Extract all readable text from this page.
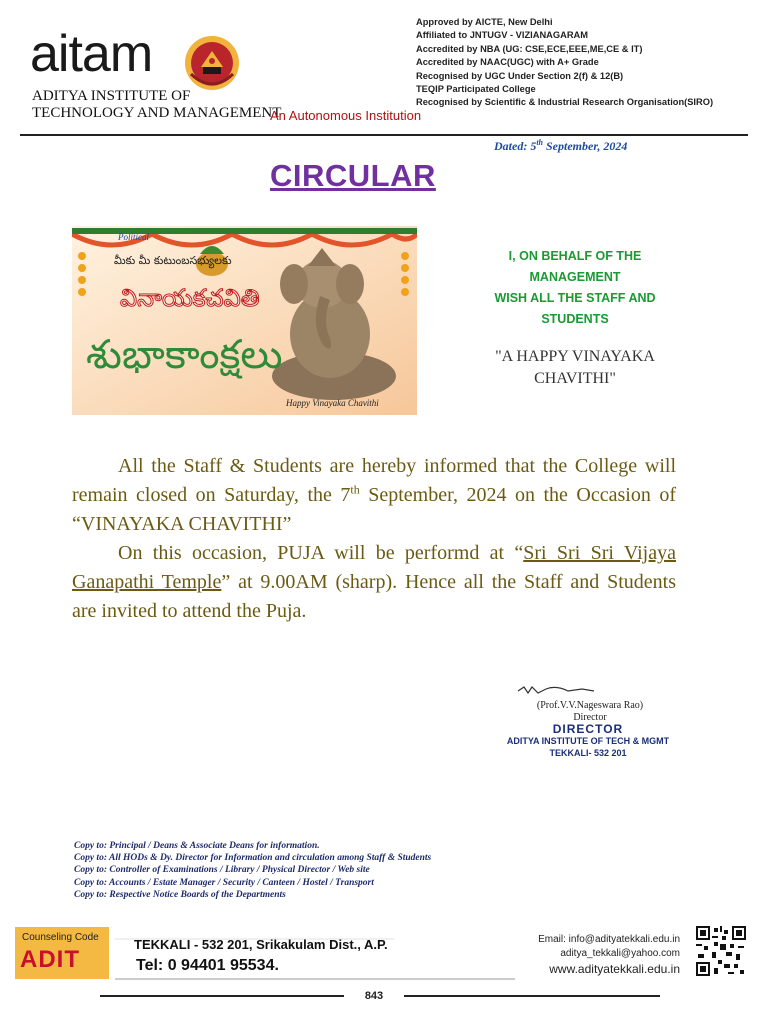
aitam
ADITYA INSTITUTE OF
TECHNOLOGY AND MANAGEMENT
An Autonomous Institution
Approved by AICTE, New Delhi
Affiliated to JNTUGV - VIZIANAGARAM
Accredited by NBA (UG: CSE,ECE,EEE,ME,CE & IT)
Accredited by NAAC(UGC) with A+ Grade
Recognised by UGC Under Section 2(f) & 12(B)
TEQIP Participated College
Recognised by Scientific & Industrial Research Organisation(SIRO)
Dated: 5th September, 2024
CIRCULAR
మీకు మీ కుటుంబసభ్యులకు
వినాయకచవితి
శుభాకాంక్షలు
Political
Happy Vinayaka Chavithi
I, ON BEHALF OF THE
MANAGEMENT
WISH ALL THE STAFF AND
STUDENTS
"A HAPPY VINAYAKA
CHAVITHI"

All the Staff & Students are hereby informed that the College will remain closed on Saturday, the 7th September, 2024 on the Occasion of “VINAYAKA CHAVITHI”

On this occasion, PUJA will be performd at “Sri Sri Sri Vijaya Ganapathi Temple” at 9.00AM (sharp). Hence all the Staff and Students are invited to attend the Puja.

(Prof.V.V.Nageswara Rao)
Director
DIRECTOR
ADITYA INSTITUTE OF TECH & MGMT
TEKKALI- 532 201
Copy to: Principal / Deans & Associate Deans for information.
Copy to: All HODs & Dy. Director for Information and circulation among Staff & Students
Copy to: Controller of Examinations / Library / Physical Director / Web site
Copy to: Accounts / Estate Manager / Security / Canteen / Hostel / Transport
Copy to: Respective Notice Boards of the Departments
Counseling Code
ADIT
TEKKALI - 532 201, Srikakulam Dist., A.P.
Tel: 0 94401 95534.
Email: info@adityatekkali.edu.in
aditya_tekkali@yahoo.com
www.adityatekkali.edu.in
843
